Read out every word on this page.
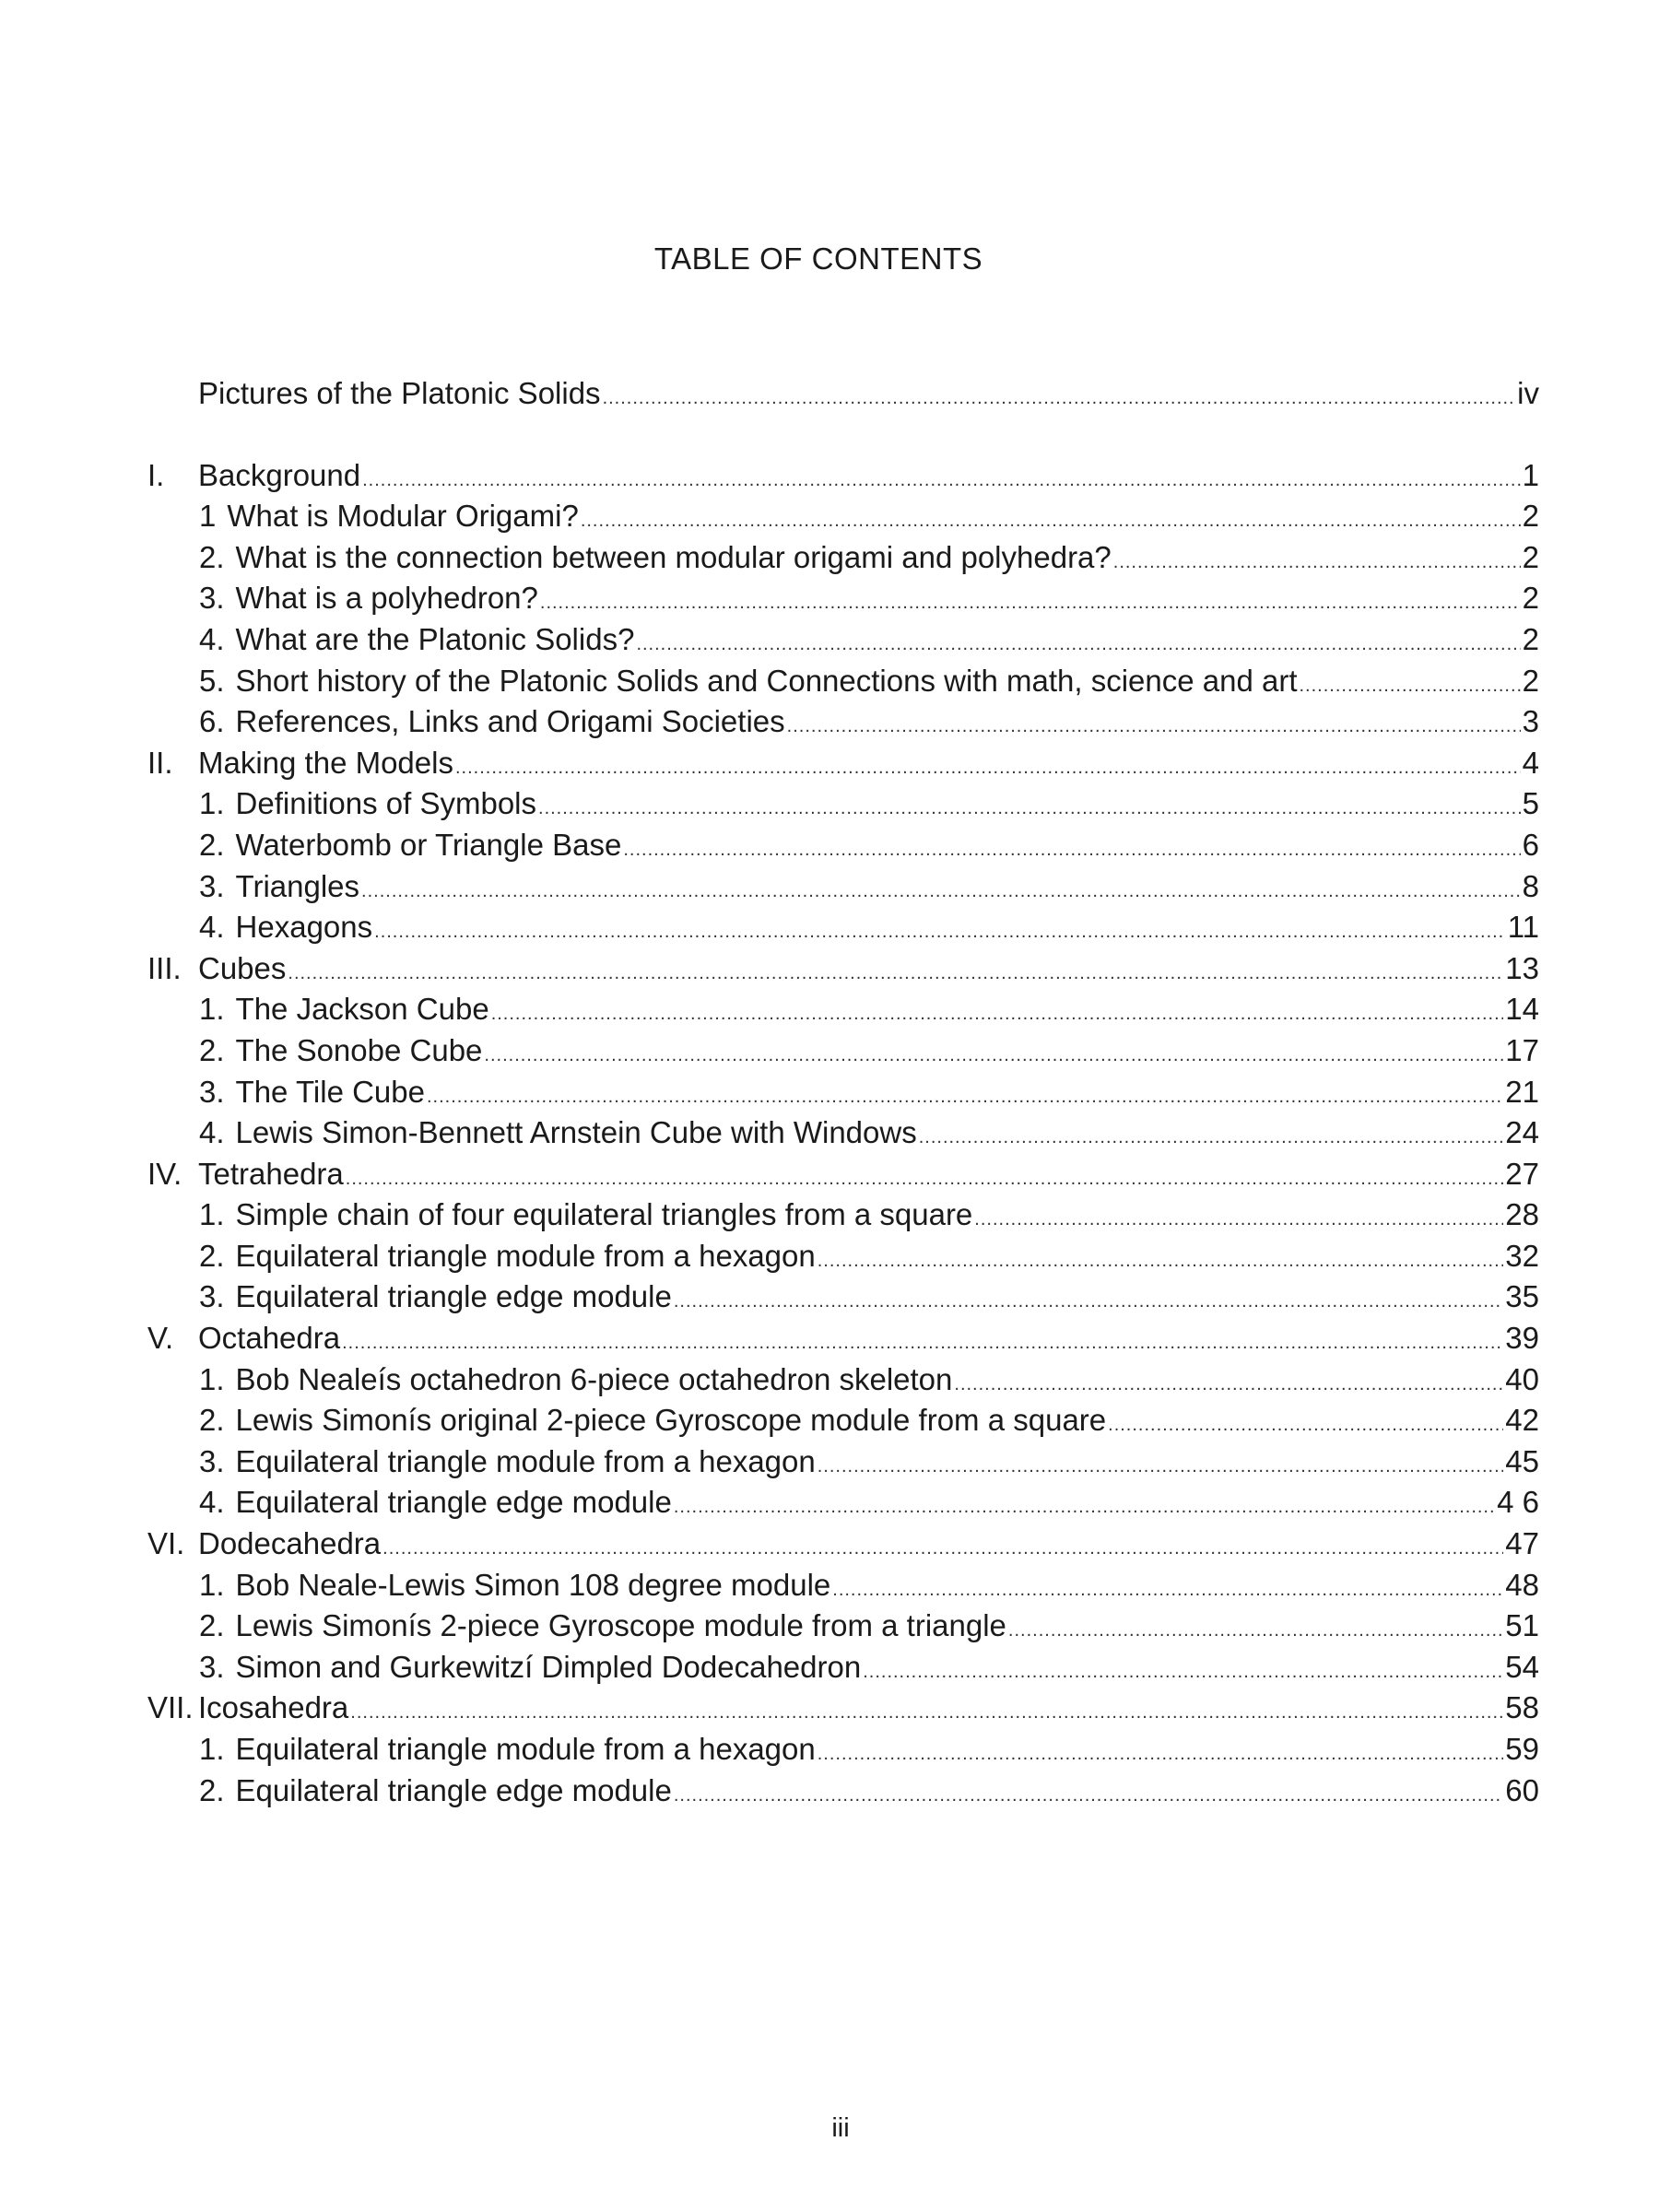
TABLE OF CONTENTS
Pictures of the Platonic Solids .....	iv
I.	Background .....	1
1 What is Modular Origami? .....	2
2. What is the connection between modular origami and polyhedra? .....	2
3. What is a polyhedron? .....	2
4. What are the Platonic Solids? .....	2
5. Short history of the Platonic Solids and Connections with math, science and art .....	2
6. References, Links and Origami Societies .....	3
II. Making the Models .....	4
1. Definitions of Symbols .....	5
2. Waterbomb or Triangle Base .....	6
3. Triangles .....	8
4. Hexagons .....	11
III. Cubes .....	13
1. The Jackson Cube .....	14
2. The Sonobe Cube .....	17
3. The Tile Cube .....	21
4. Lewis Simon-Bennett Arnstein Cube with Windows .....	24
IV. Tetrahedra .....	27
1. Simple chain of four equilateral triangles from a square .....	28
2. Equilateral triangle module from a hexagon .....	32
3. Equilateral triangle edge module .....	35
V. Octahedra .....	39
1. Bob Nealeís octahedron 6-piece octahedron skeleton .....	40
2. Lewis Simonís original 2-piece Gyroscope module from a square .....	42
3. Equilateral triangle module from a hexagon .....	45
4. Equilateral triangle edge module .....	4 6
VI. Dodecahedra .....	47
1. Bob Neale-Lewis Simon 108 degree module .....	48
2. Lewis Simonís 2-piece Gyroscope module from a triangle .....	51
3. Simon and Gurkewitzí Dimpled Dodecahedron .....	54
VII. Icosahedra .....	58
1. Equilateral triangle module from a hexagon .....	59
2. Equilateral triangle edge module .....	60
iii
